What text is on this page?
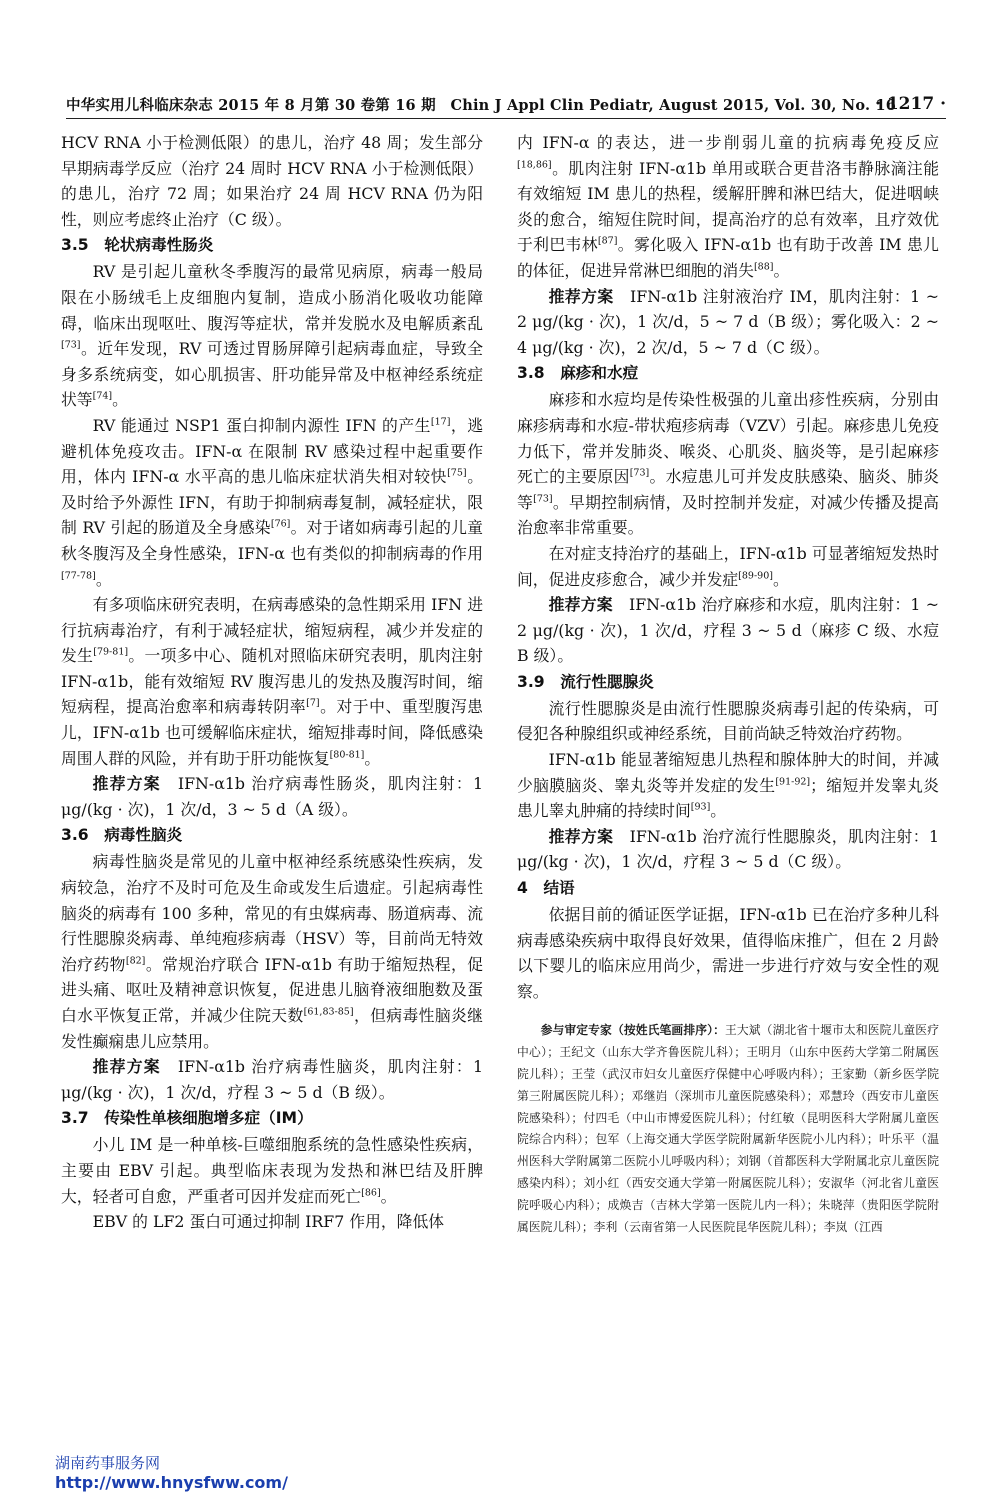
中华实用儿科临床杂志 2015 年 8 月第 30 卷第 16 期　Chin J Appl Clin Pediatr, August 2015, Vol. 30, No. 16
· 1217 ·

HCV RNA 小于检测低限）的患儿，治疗 48 周；发生部分早期病毒学反应（治疗 24 周时 HCV RNA 小于检测低限）的患儿，治疗 72 周；如果治疗 24 周 HCV RNA 仍为阳性，则应考虑终止治疗（C 级）。

3.5　轮状病毒性肠炎

RV 是引起儿童秋冬季腹泻的最常见病原，病毒一般局限在小肠绒毛上皮细胞内复制，造成小肠消化吸收功能障碍，临床出现呕吐、腹泻等症状，常并发脱水及电解质紊乱[73]。近年发现，RV 可透过胃肠屏障引起病毒血症，导致全身多系统病变，如心肌损害、肝功能异常及中枢神经系统症状等[74]。

RV 能通过 NSP1 蛋白抑制内源性 IFN 的产生[17]，逃避机体免疫攻击。IFN-α 在限制 RV 感染过程中起重要作用，体内 IFN-α 水平高的患儿临床症状消失相对较快[75]。及时给予外源性 IFN，有助于抑制病毒复制，减轻症状，限制 RV 引起的肠道及全身感染[76]。对于诸如病毒引起的儿童秋冬腹泻及全身性感染，IFN-α 也有类似的抑制病毒的作用[77-78]。

有多项临床研究表明，在病毒感染的急性期采用 IFN 进行抗病毒治疗，有利于减轻症状，缩短病程，减少并发症的发生[79-81]。一项多中心、随机对照临床研究表明，肌肉注射 IFN-α1b，能有效缩短 RV 腹泻患儿的发热及腹泻时间，缩短病程，提高治愈率和病毒转阴率[7]。对于中、重型腹泻患儿，IFN-α1b 也可缓解临床症状，缩短排毒时间，降低感染周围人群的风险，并有助于肝功能恢复[80-81]。

推荐方案　IFN-α1b 治疗病毒性肠炎，肌肉注射：1 μg/(kg · 次)，1 次/d，3 ~ 5 d（A 级）。

3.6　病毒性脑炎

病毒性脑炎是常见的儿童中枢神经系统感染性疾病，发病较急，治疗不及时可危及生命或发生后遗症。引起病毒性脑炎的病毒有 100 多种，常见的有虫媒病毒、肠道病毒、流行性腮腺炎病毒、单纯疱疹病毒（HSV）等，目前尚无特效治疗药物[82]。常规治疗联合 IFN-α1b 有助于缩短热程，促进头痛、呕吐及精神意识恢复，促进患儿脑脊液细胞数及蛋白水平恢复正常，并减少住院天数[61,83-85]，但病毒性脑炎继发性癫痫患儿应禁用。

推荐方案　IFN-α1b 治疗病毒性脑炎，肌肉注射：1 μg/(kg · 次)，1 次/d，疗程 3 ~ 5 d（B 级）。

3.7　传染性单核细胞增多症（IM）

小儿 IM 是一种单核-巨噬细胞系统的急性感染性疾病，主要由 EBV 引起。典型临床表现为发热和淋巴结及肝脾大，轻者可自愈，严重者可因并发症而死亡[86]。

EBV 的 LF2 蛋白可通过抑制 IRF7 作用，降低体

内 IFN-α 的表达，进一步削弱儿童的抗病毒免疫反应[18,86]。肌肉注射 IFN-α1b 单用或联合更昔洛韦静脉滴注能有效缩短 IM 患儿的热程，缓解肝脾和淋巴结大，促进咽峡炎的愈合，缩短住院时间，提高治疗的总有效率，且疗效优于利巴韦林[87]。雾化吸入 IFN-α1b 也有助于改善 IM 患儿的体征，促进异常淋巴细胞的消失[88]。

推荐方案　IFN-α1b 注射液治疗 IM，肌肉注射：1 ~ 2 μg/(kg · 次)，1 次/d，5 ~ 7 d（B 级）；雾化吸入：2 ~ 4 μg/(kg · 次)，2 次/d，5 ~ 7 d（C 级）。

3.8　麻疹和水痘

麻疹和水痘均是传染性极强的儿童出疹性疾病，分别由麻疹病毒和水痘-带状疱疹病毒（VZV）引起。麻疹患儿免疫力低下，常并发肺炎、喉炎、心肌炎、脑炎等，是引起麻疹死亡的主要原因[73]。水痘患儿可并发皮肤感染、脑炎、肺炎等[73]。早期控制病情，及时控制并发症，对减少传播及提高治愈率非常重要。

在对症支持治疗的基础上，IFN-α1b 可显著缩短发热时间，促进皮疹愈合，减少并发症[89-90]。

推荐方案　IFN-α1b 治疗麻疹和水痘，肌肉注射：1 ~ 2 μg/(kg · 次)，1 次/d，疗程 3 ~ 5 d（麻疹 C 级、水痘 B 级）。

3.9　流行性腮腺炎

流行性腮腺炎是由流行性腮腺炎病毒引起的传染病，可侵犯各种腺组织或神经系统，目前尚缺乏特效治疗药物。

IFN-α1b 能显著缩短患儿热程和腺体肿大的时间，并减少脑膜脑炎、睾丸炎等并发症的发生[91-92]；缩短并发睾丸炎患儿睾丸肿痛的持续时间[93]。

推荐方案　IFN-α1b 治疗流行性腮腺炎，肌肉注射：1 μg/(kg · 次)，1 次/d，疗程 3 ~ 5 d（C 级）。

4　结语

依据目前的循证医学证据，IFN-α1b 已在治疗多种儿科病毒感染疾病中取得良好效果，值得临床推广，但在 2 月龄以下婴儿的临床应用尚少，需进一步进行疗效与安全性的观察。

参与审定专家（按姓氏笔画排序）：王大斌（湖北省十堰市太和医院儿童医疗中心）；王纪文（山东大学齐鲁医院儿科）；王明月（山东中医药大学第二附属医院儿科）；王莹（武汉市妇女儿童医疗保健中心呼吸内科）；王家勤（新乡医学院第三附属医院儿科）；邓继岿（深圳市儿童医院感染科）；邓慧玲（西安市儿童医院感染科）；付四毛（中山市博爱医院儿科）；付红敏（昆明医科大学附属儿童医院综合内科）；包军（上海交通大学医学院附属新华医院小儿内科）；叶乐平（温州医科大学附属第二医院小儿呼吸内科）；刘钢（首都医科大学附属北京儿童医院感染内科）；刘小红（西安交通大学第一附属医院儿科）；安淑华（河北省儿童医院呼吸心内科）；成焕吉（吉林大学第一医院儿内一科）；朱晓萍（贵阳医学院附属医院儿科）；李利（云南省第一人民医院昆华医院儿科）；李岚（江西

湖南药事服务网
http://www.hnysfww.com/
